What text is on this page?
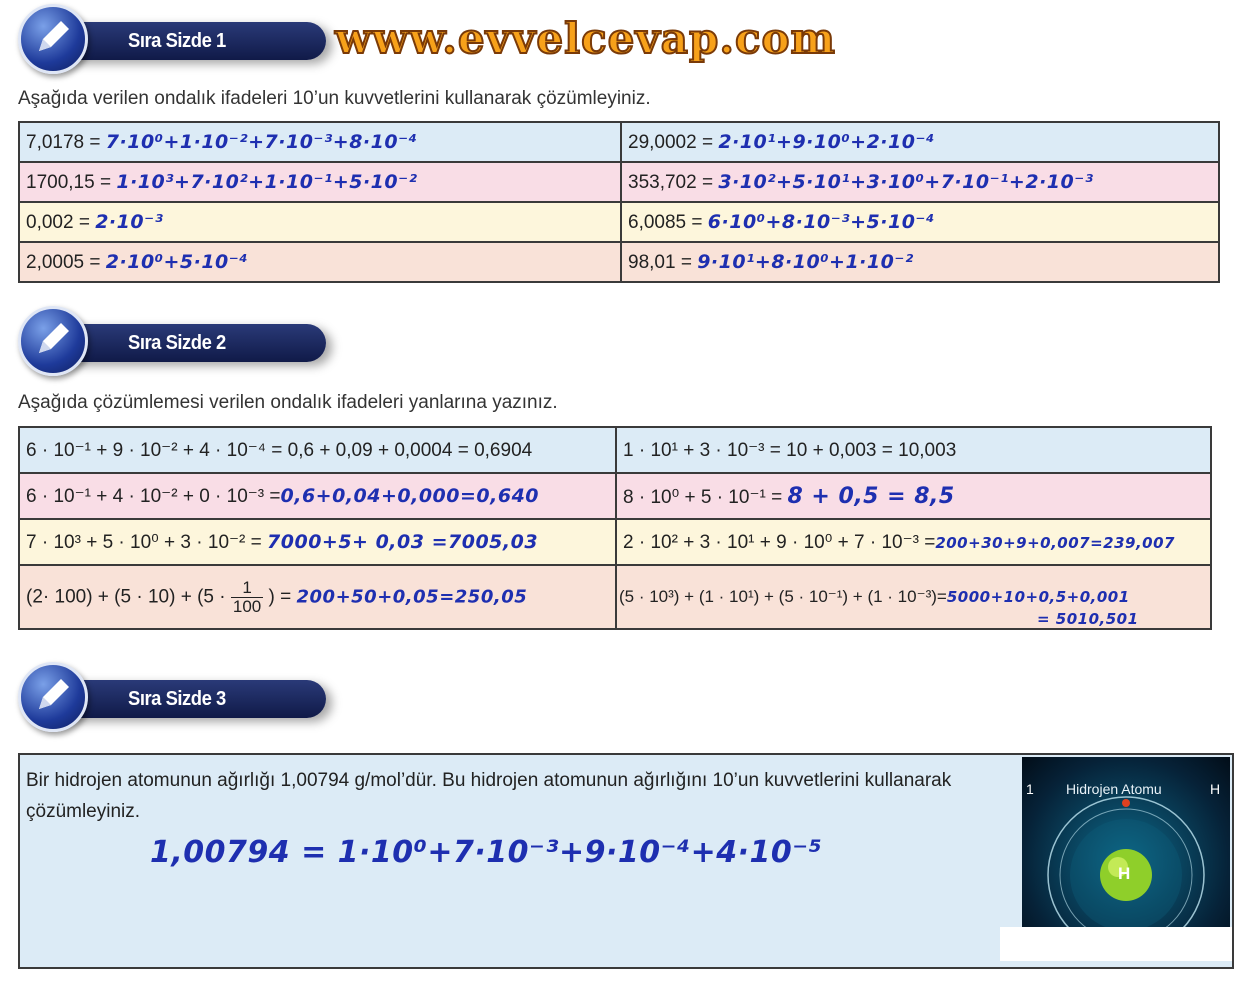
www.evvelcevap.com
Sıra Sizde 1
Aşağıda verilen ondalık ifadeleri 10’un kuvvetlerini kullanarak çözümleyiniz.
7,0178 = 7·10⁰+1·10⁻²+7·10⁻³+8·10⁻⁴	29,0002 = 2·10¹+9·10⁰+2·10⁻⁴
1700,15 = 1·10³+7·10²+1·10⁻¹+5·10⁻²	353,702 = 3·10²+5·10¹+3·10⁰+7·10⁻¹+2·10⁻³
0,002 = 2·10⁻³	6,0085 = 6·10⁰+8·10⁻³+5·10⁻⁴
2,0005 = 2·10⁰+5·10⁻⁴	98,01 = 9·10¹+8·10⁰+1·10⁻²
Sıra Sizde 2
Aşağıda çözümlemesi verilen ondalık ifadeleri yanlarına yazınız.
6 · 10⁻¹ + 9 · 10⁻² + 4 · 10⁻⁴ = 0,6 + 0,09 + 0,0004 = 0,6904	1 · 10¹ + 3 · 10⁻³ = 10 + 0,003 = 10,003
6 · 10⁻¹ + 4 · 10⁻² + 0 · 10⁻³ =0,6+0,04+0,000=0,640	8 · 10⁰ + 5 · 10⁻¹ = 8 + 0,5 = 8,5
7 · 10³ + 5 · 10⁰ + 3 · 10⁻² = 7000+5+ 0,03 =7005,03	2 · 10² + 3 · 10¹ + 9 · 10⁰ + 7 · 10⁻³ =200+30+9+0,007=239,007
$(2\cdot 100) + (5 \cdot 10) + (5 \cdot \frac{1}{100}$ ) = 200+50+0,05=250,05	(5 · 10³) + (1 · 10¹) + (5 · 10⁻¹) + (1 · 10⁻³)=5000+10+0,5+0,001
= 5010,501
Sıra Sizde 3
Bir hidrojen atomunun ağırlığı 1,00794 g/mol’dür. Bu hidrojen atomunun ağırlığını 10’un kuvvetlerini kullanarak çözümleyiniz.
1,00794 = 1·10⁰+7·10⁻³+9·10⁻⁴+4·10⁻⁵
1 Hidrojen Atomu	H
H
